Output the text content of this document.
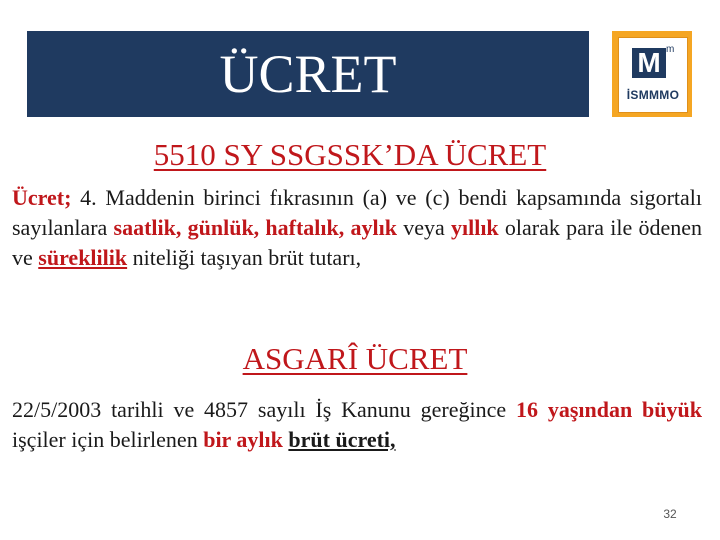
ÜCRET	M m
İSMMMO
5510 SY SSGSSK’DA ÜCRET
Ücret; 4. Maddenin birinci fıkrasının (a) ve (c) bendi kapsamında sigortalı sayılanlara saatlik, günlük, haftalık, aylık veya yıllık olarak para ile ödenen ve süreklilik niteliği taşıyan brüt tutarı,
ASGARÎ ÜCRET
22/5/2003 tarihli ve 4857 sayılı İş Kanunu gereğince 16 yaşından büyük işçiler için belirlenen bir aylık brüt ücreti,
32
